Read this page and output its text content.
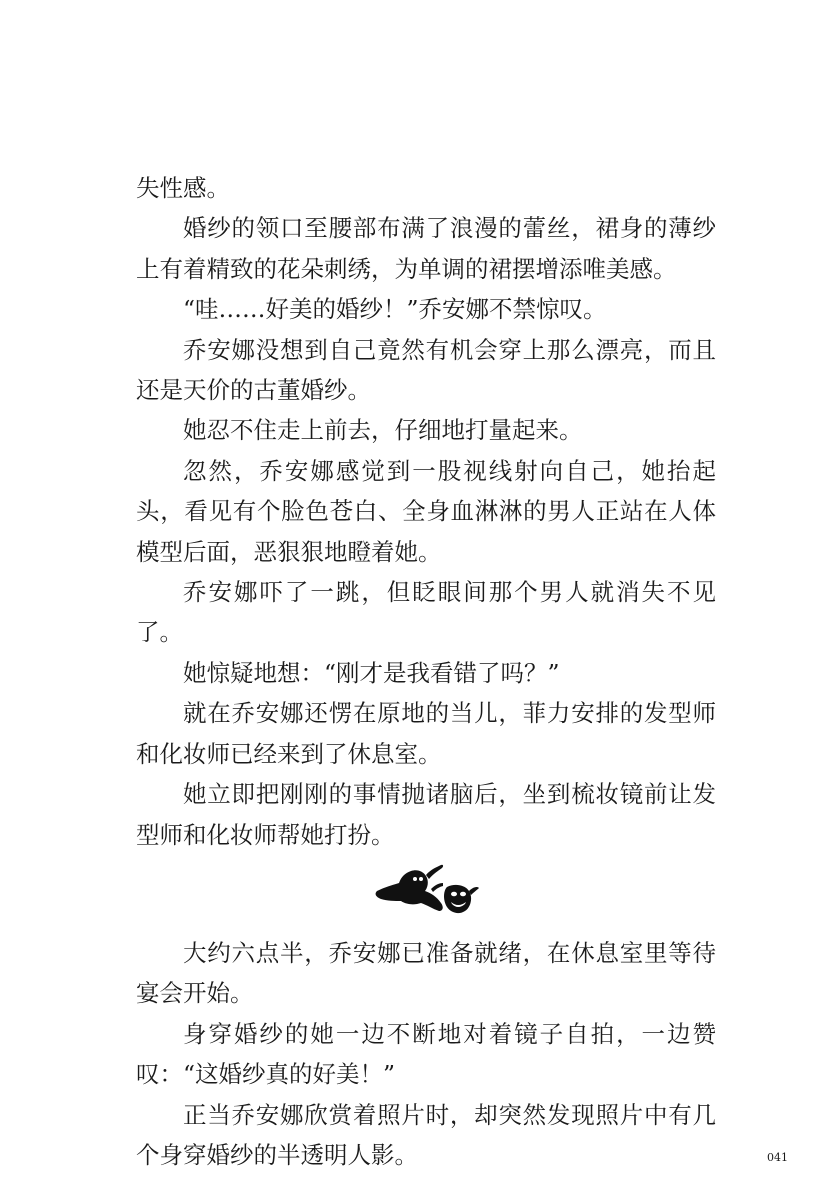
失性感。

婚纱的领口至腰部布满了浪漫的蕾丝，裙身的薄纱上有着精致的花朵刺绣，为单调的裙摆增添唯美感。

“哇……好美的婚纱！”乔安娜不禁惊叹。

乔安娜没想到自己竟然有机会穿上那么漂亮，而且还是天价的古董婚纱。

她忍不住走上前去，仔细地打量起来。

忽然，乔安娜感觉到一股视线射向自己，她抬起头，看见有个脸色苍白、全身血淋淋的男人正站在人体模型后面，恶狠狠地瞪着她。

乔安娜吓了一跳，但眨眼间那个男人就消失不见了。

她惊疑地想：“刚才是我看错了吗？”

就在乔安娜还愣在原地的当儿，菲力安排的发型师和化妆师已经来到了休息室。

她立即把刚刚的事情抛诸脑后，坐到梳妆镜前让发型师和化妆师帮她打扮。

大约六点半，乔安娜已准备就绪，在休息室里等待宴会开始。

身穿婚纱的她一边不断地对着镜子自拍，一边赞叹：“这婚纱真的好美！”

正当乔安娜欣赏着照片时，却突然发现照片中有几个身穿婚纱的半透明人影。	041
